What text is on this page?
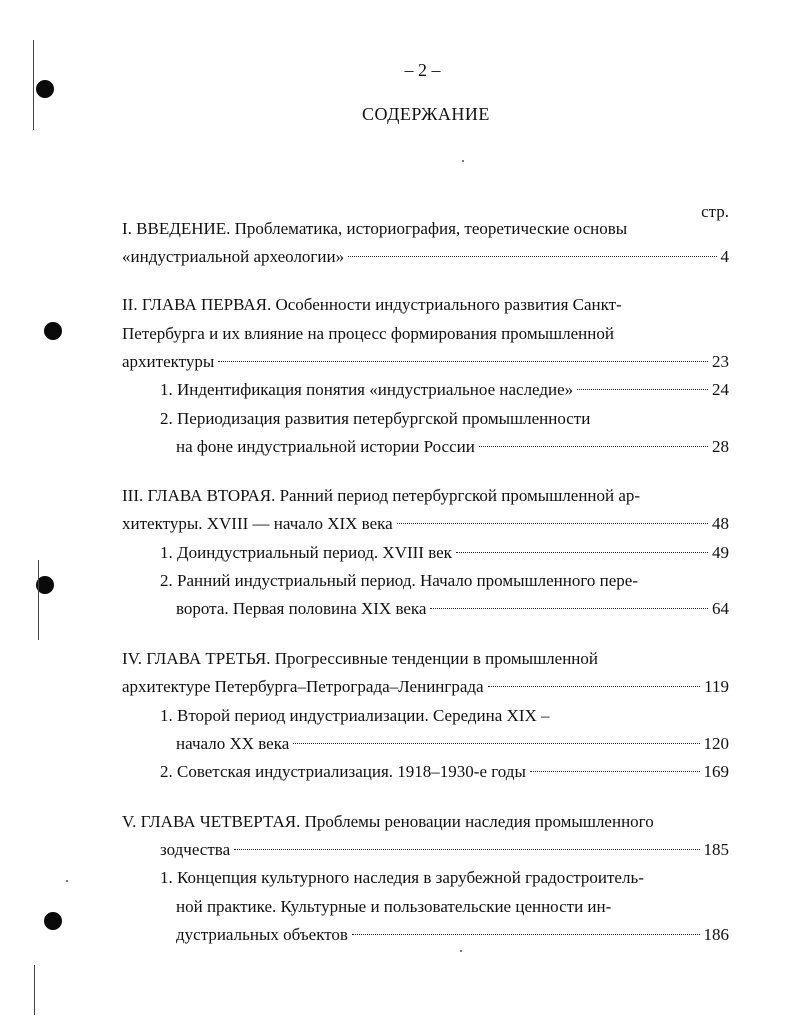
– 2 –
СОДЕРЖАНИЕ
стр.
I. ВВЕДЕНИЕ. Проблематика, историография, теоретические основы
«индустриальной археологии»	4
II. ГЛАВА ПЕРВАЯ. Особенности индустриального развития Санкт-
Петербурга и их влияние на процесс формирования промышленной
архитектуры	23
1. Индентификация понятия «индустриальное наследие»	24
2. Периодизация развития петербургской промышленности
на фоне индустриальной истории России	28
III. ГЛАВА ВТОРАЯ. Ранний период петербургской промышленной ар-
хитектуры. XVIII — начало XIX века	48
1. Доиндустриальный период. XVIII век	49
2. Ранний индустриальный период. Начало промышленного пере-
ворота. Первая половина XIX века	64
IV. ГЛАВА ТРЕТЬЯ. Прогрессивные тенденции в промышленной
архитектуре Петербурга–Петрограда–Ленинграда	119
1. Второй период индустриализации. Середина XIX –
начало XX века	120
2. Советская индустриализация. 1918–1930-е годы	169
V. ГЛАВА ЧЕТВЕРТАЯ. Проблемы реновации наследия промышленного
зодчества	185
1. Концепция культурного наследия в зарубежной градостроитель-
ной практике. Культурные и пользовательские ценности ин-
дустриальных объектов	186
